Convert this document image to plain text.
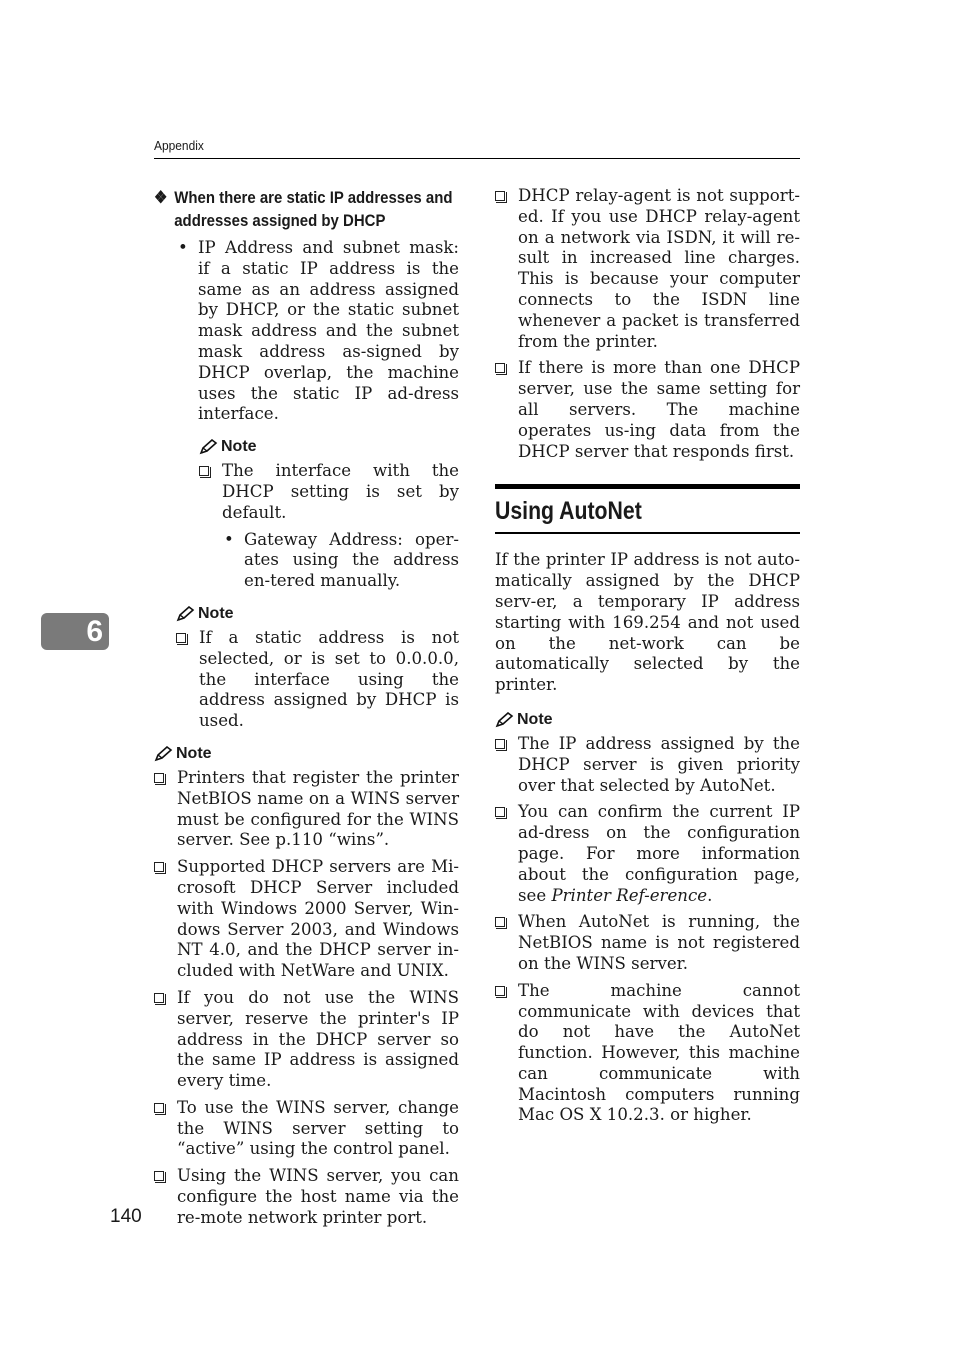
Appendix
6
❖ When there are static IP addresses and addresses assigned by DHCP
• IP Address and subnet mask: if a static IP address is the same as an address assigned by DHCP, or the static subnet mask address and the subnet mask address as-signed by DHCP overlap, the machine uses the static IP ad-dress interface.
Note
The interface with the DHCP setting is set by default.
• Gateway Address: oper-ates using the address en-tered manually.
Note
If a static address is not selected, or is set to 0.0.0.0, the interface using the address assigned by DHCP is used.
Note
Printers that register the printer NetBIOS name on a WINS server must be configured for the WINS server. See p.110 “wins”.
Supported DHCP servers are Mi-crosoft DHCP Server included with Windows 2000 Server, Win-dows Server 2003, and Windows NT 4.0, and the DHCP server in-cluded with NetWare and UNIX.
If you do not use the WINS server, reserve the printer's IP address in the DHCP server so the same IP address is assigned every time.
To use the WINS server, change the WINS server setting to “active” using the control panel.
Using the WINS server, you can configure the host name via the re-mote network printer port.
DHCP relay-agent is not support-ed. If you use DHCP relay-agent on a network via ISDN, it will re-sult in increased line charges. This is because your computer connects to the ISDN line whenever a packet is transferred from the printer.
If there is more than one DHCP server, use the same setting for all servers. The machine operates us-ing data from the DHCP server that responds first.
Using AutoNet
If the printer IP address is not auto-matically assigned by the DHCP serv-er, a temporary IP address starting with 169.254 and not used on the net-work can be automatically selected by the printer.
Note
The IP address assigned by the DHCP server is given priority over that selected by AutoNet.
You can confirm the current IP ad-dress on the configuration page. For more information about the configuration page, see Printer Ref-erence.
When AutoNet is running, the NetBIOS name is not registered on the WINS server.
The machine cannot communicate with devices that do not have the AutoNet function. However, this machine can communicate with Macintosh computers running Mac OS X 10.2.3. or higher.
140
